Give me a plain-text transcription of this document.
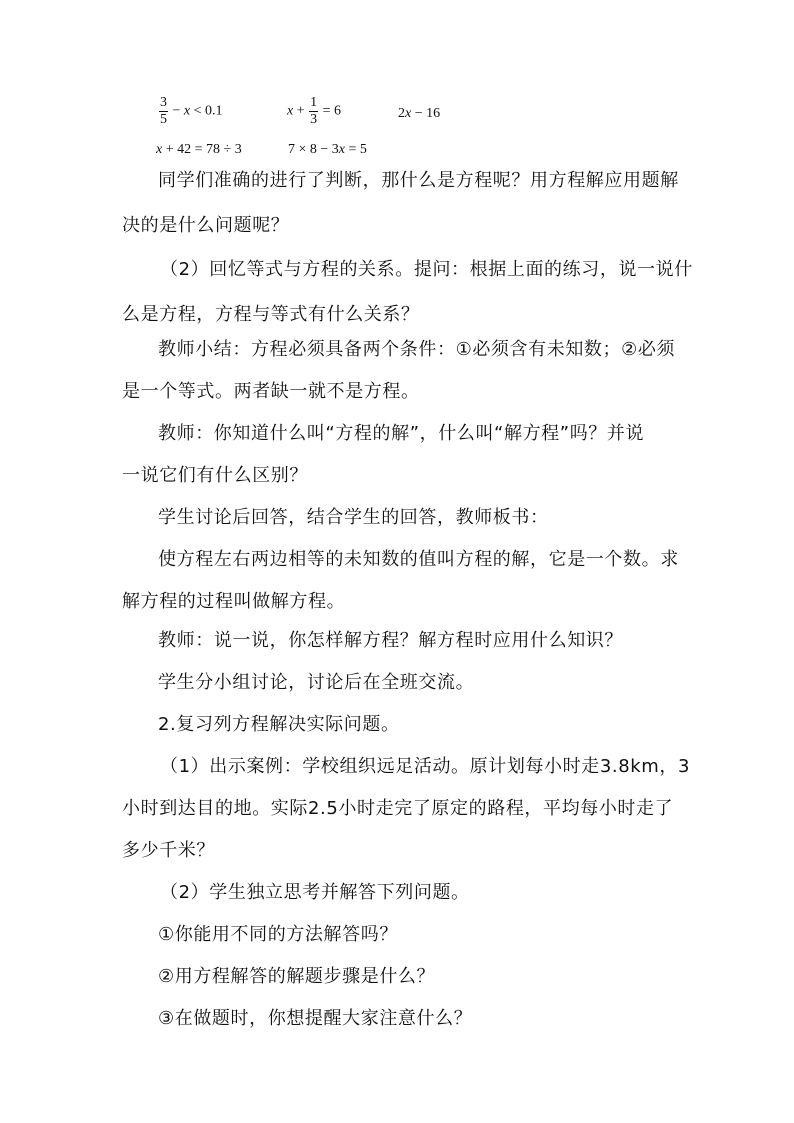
$\frac{3}{5} - x < 0.1$	$x + \frac{1}{3} = 6$	2x − 16
x + 42 = 78 ÷ 3	7 × 8 − 3x = 5
同学们准确的进行了判断，那什么是方程呢？用方程解应用题解
决的是什么问题呢？
（2）回忆等式与方程的关系。提问：根据上面的练习，说一说什
么是方程，方程与等式有什么关系？
教师小结：方程必须具备两个条件：①必须含有未知数；②必须
是一个等式。两者缺一就不是方程。
教师：你知道什么叫“方程的解”，什么叫“解方程”吗？并说
一说它们有什么区别？
学生讨论后回答，结合学生的回答，教师板书：
使方程左右两边相等的未知数的值叫方程的解，它是一个数。求
解方程的过程叫做解方程。
教师：说一说，你怎样解方程？解方程时应用什么知识？
学生分小组讨论，讨论后在全班交流。
2.复习列方程解决实际问题。
（1）出示案例：学校组织远足活动。原计划每小时走3.8km，3
小时到达目的地。实际2.5小时走完了原定的路程，平均每小时走了
多少千米？
（2）学生独立思考并解答下列问题。
①你能用不同的方法解答吗？
②用方程解答的解题步骤是什么？
③在做题时，你想提醒大家注意什么？
